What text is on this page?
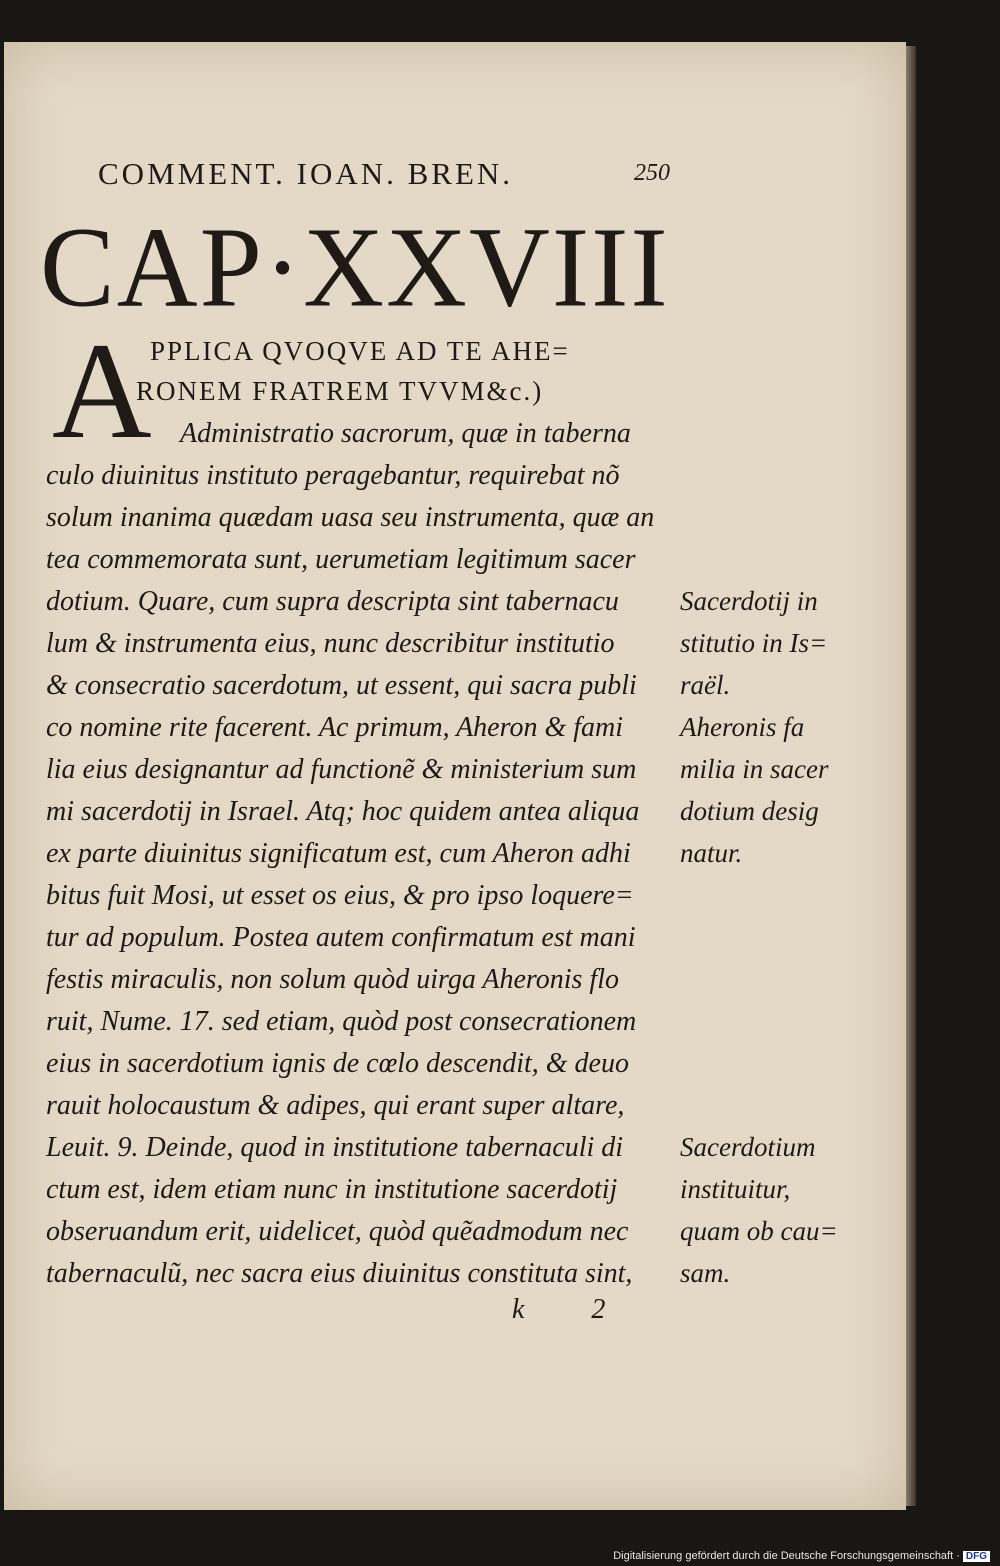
COMMENT. IOAN. BREN.	250
CAP·XXVIII
A
PPLICA QVOQVE AD TE AHE=
RONEM FRATREM TVVM&c.)
Administratio sacrorum, quæ in taberna
culo diuinitus instituto peragebantur, requirebat nõ
solum inanima quædam uasa seu instrumenta, quæ an
tea commemorata sunt, uerumetiam legitimum sacer
dotium. Quare, cum supra descripta sint tabernacu
lum & instrumenta eius, nunc describitur institutio
& consecratio sacerdotum, ut essent, qui sacra publi
co nomine rite facerent. Ac primum, Aheron & fami
lia eius designantur ad functionẽ & ministerium sum
mi sacerdotij in Israel. Atq; hoc quidem antea aliqua
ex parte diuinitus significatum est, cum Aheron adhi
bitus fuit Mosi, ut esset os eius, & pro ipso loquere=
tur ad populum. Postea autem confirmatum est mani
festis miraculis, non solum quòd uirga Aheronis flo
ruit, Nume. 17. sed etiam, quòd post consecrationem
eius in sacerdotium ignis de cœlo descendit, & deuo
rauit holocaustum & adipes, qui erant super altare,
Leuit. 9. Deinde, quod in institutione tabernaculi di
ctum est, idem etiam nunc in institutione sacerdotij
obseruandum erit, uidelicet, quòd quẽadmodum nec
tabernaculũ, nec sacra eius diuinitus constituta sint,
Sacerdotij in
stitutio in Is=
raël.
Aheronis fa
milia in sacer
dotium desig
natur.
Sacerdotium
instituitur,
quam ob cau=
sam.
k 2
Digitalisierung gefördert durch die Deutsche Forschungsgemeinschaft · DFG
